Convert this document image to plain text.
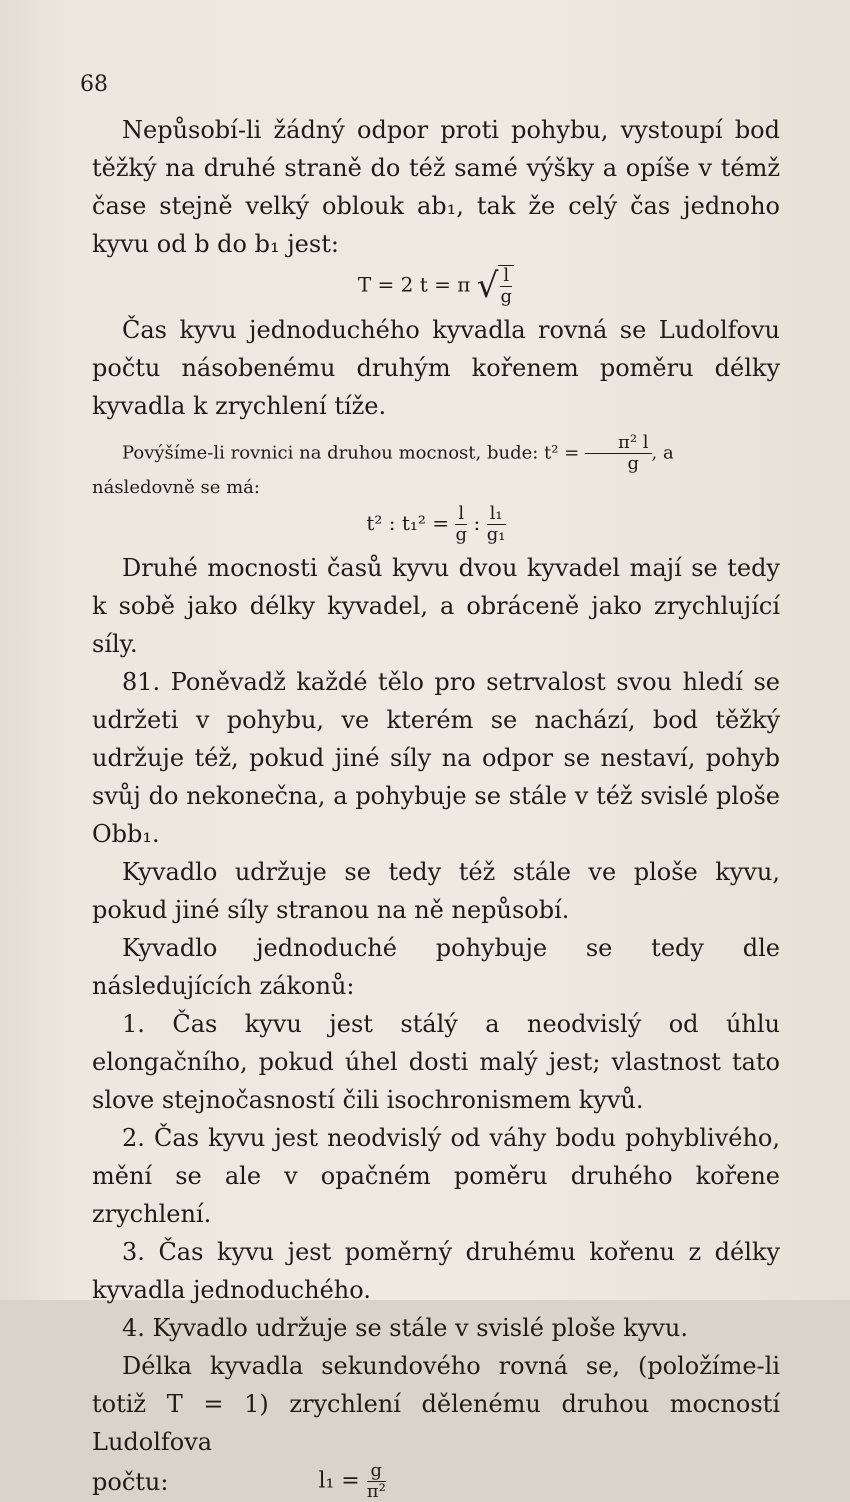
68

Nepůsobí-li žádný odpor proti pohybu, vystoupí bod těžký na druhé straně do též samé výšky a opíše v témž čase stejně velký oblouk ab₁, tak že celý čas jednoho kyvu od b do b₁ jest:

T = 2 t = π √ $\frac{l}{g}$

Čas kyvu jednoduchého kyvadla rovná se Ludolfovu počtu násobenému druhým kořenem poměru délky kyvadla k zrychlení tíže.

Povýšíme-li rovnici na druhou mocnost, bude: $t^2 = \frac{\text{π² l}}{g}$ , a následovně se má:

t² : $t_1^2 = \frac{l}{g}$ : $\frac{\text{l₁}}{\text{g₁}}$

Druhé mocnosti časů kyvu dvou kyvadel mají se tedy k sobě jako délky kyvadel, a obráceně jako zrychlující síly.

81. Poněvadž každé tělo pro setrvalost svou hledí se udržeti v pohybu, ve kterém se nachází, bod těžký udržuje též, pokud jiné síly na odpor se nestaví, pohyb svůj do nekonečna, a pohybuje se stále v též svislé ploše Obb₁.

Kyvadlo udržuje se tedy též stále ve ploše kyvu, pokud jiné síly stranou na ně nepůsobí.

Kyvadlo jednoduché pohybuje se tedy dle následujících zákonů:

1. Čas kyvu jest stálý a neodvislý od úhlu elongačního, pokud úhel dosti malý jest; vlastnost tato slove stejnočasností čili isochronismem kyvů.

2. Čas kyvu jest neodvislý od váhy bodu pohyblivého, mění se ale v opačném poměru druhého kořene zrychlení.

3. Čas kyvu jest poměrný druhému kořenu z délky kyvadla jednoduchého.

4. Kyvadlo udržuje se stále v svislé ploše kyvu.

Délka kyvadla sekundového rovná se, (položíme-li totiž T = 1) zrychlení dělenému druhou mocností Ludolfova

počtu:	$l_1 = \frac{g}{\text{π²}}$
